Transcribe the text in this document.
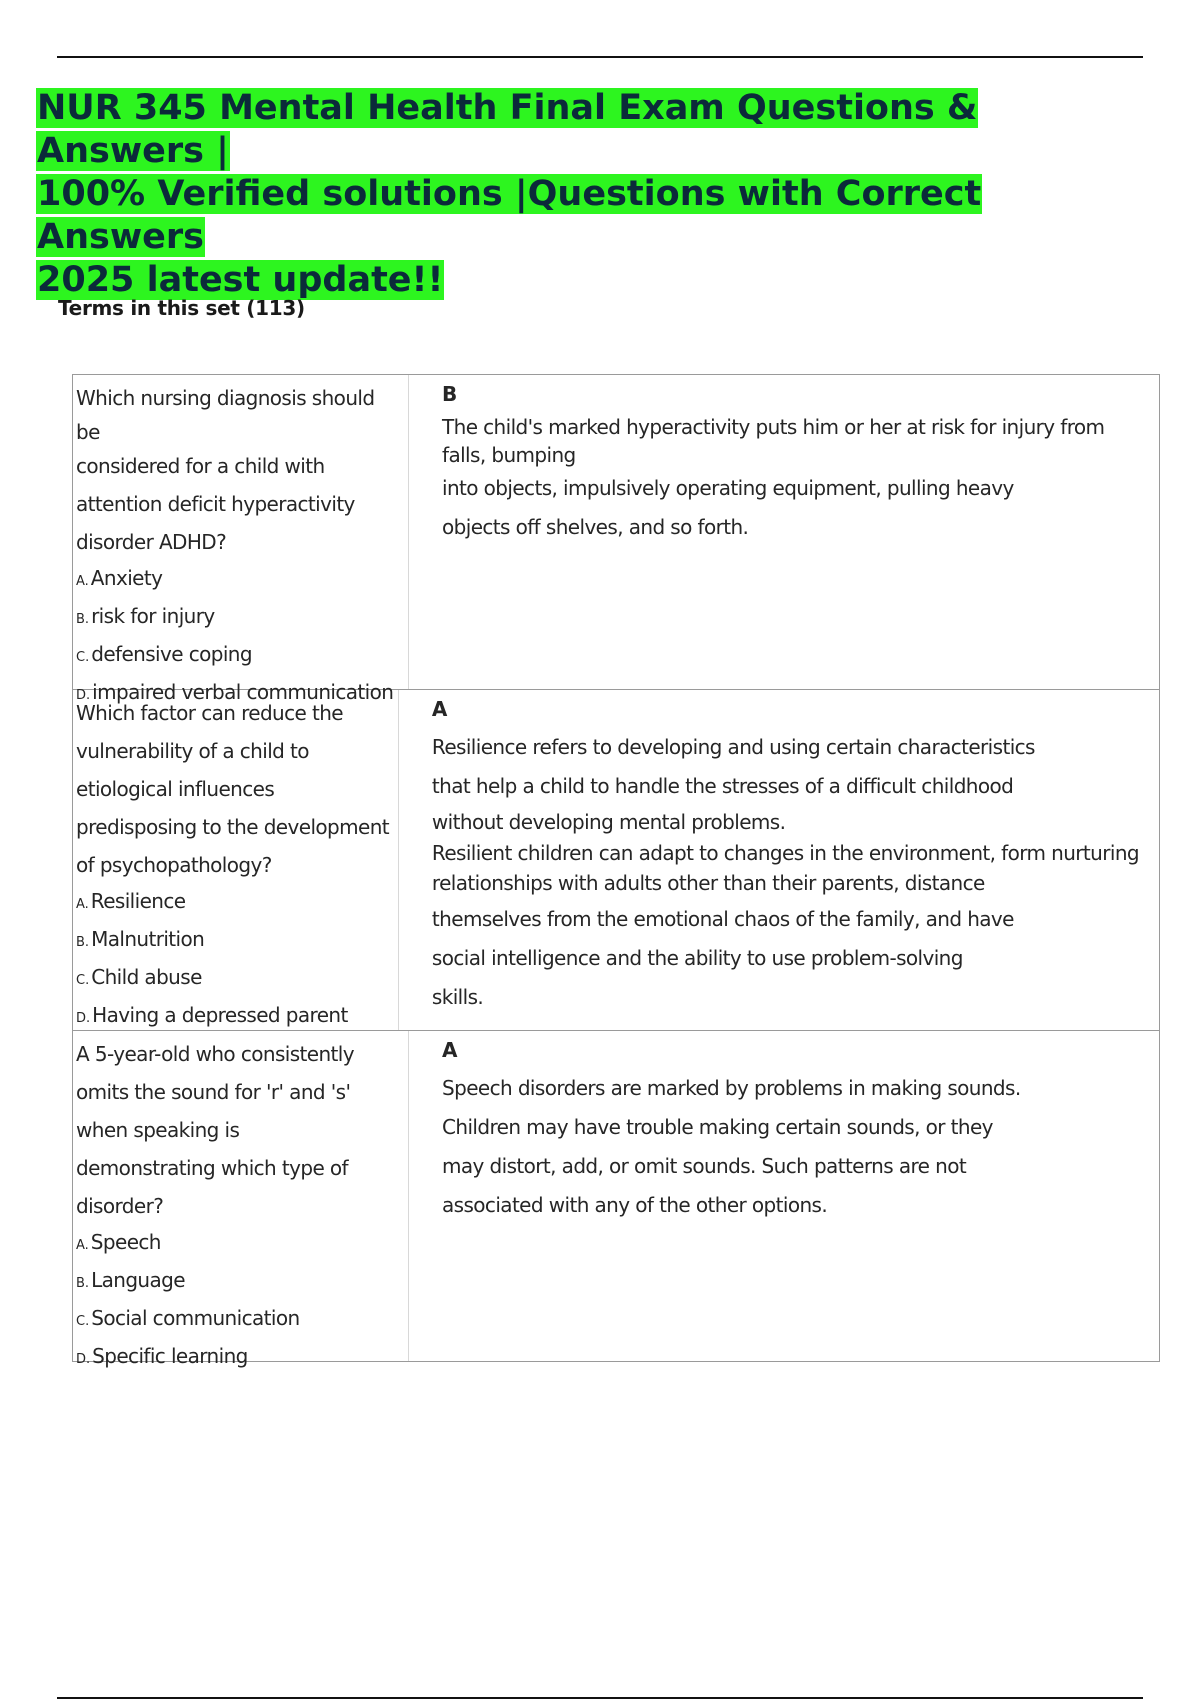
NUR 345 Mental Health Final Exam Questions & Answers |
100% Verified solutions |Questions with Correct Answers
2025 latest update!!
Terms in this set (113)
Which nursing diagnosis should
be
considered for a child with
attention deficit hyperactivity
disorder ADHD?
A. Anxiety
B. risk for injury
C. defensive coping
D. impaired verbal communication
B
The child's marked hyperactivity puts him or her at risk for injury from
falls, bumping
into objects, impulsively operating equipment, pulling heavy
objects off shelves, and so forth.
Which factor can reduce the
vulnerability of a child to
etiological influences
predisposing to the development
of psychopathology?
A. Resilience
B. Malnutrition
C. Child abuse
D. Having a depressed parent
A
Resilience refers to developing and using certain characteristics
that help a child to handle the stresses of a difficult childhood
without developing mental problems.
Resilient children can adapt to changes in the environment, form nurturing
relationships with adults other than their parents, distance
themselves from the emotional chaos of the family, and have
social intelligence and the ability to use problem-solving
skills.
A 5-year-old who consistently
omits the sound for 'r' and 's'
when speaking is
demonstrating which type of
disorder?
A. Speech
B. Language
C. Social communication
D. Specific learning
A
Speech disorders are marked by problems in making sounds.
Children may have trouble making certain sounds, or they
may distort, add, or omit sounds. Such patterns are not
associated with any of the other options.
